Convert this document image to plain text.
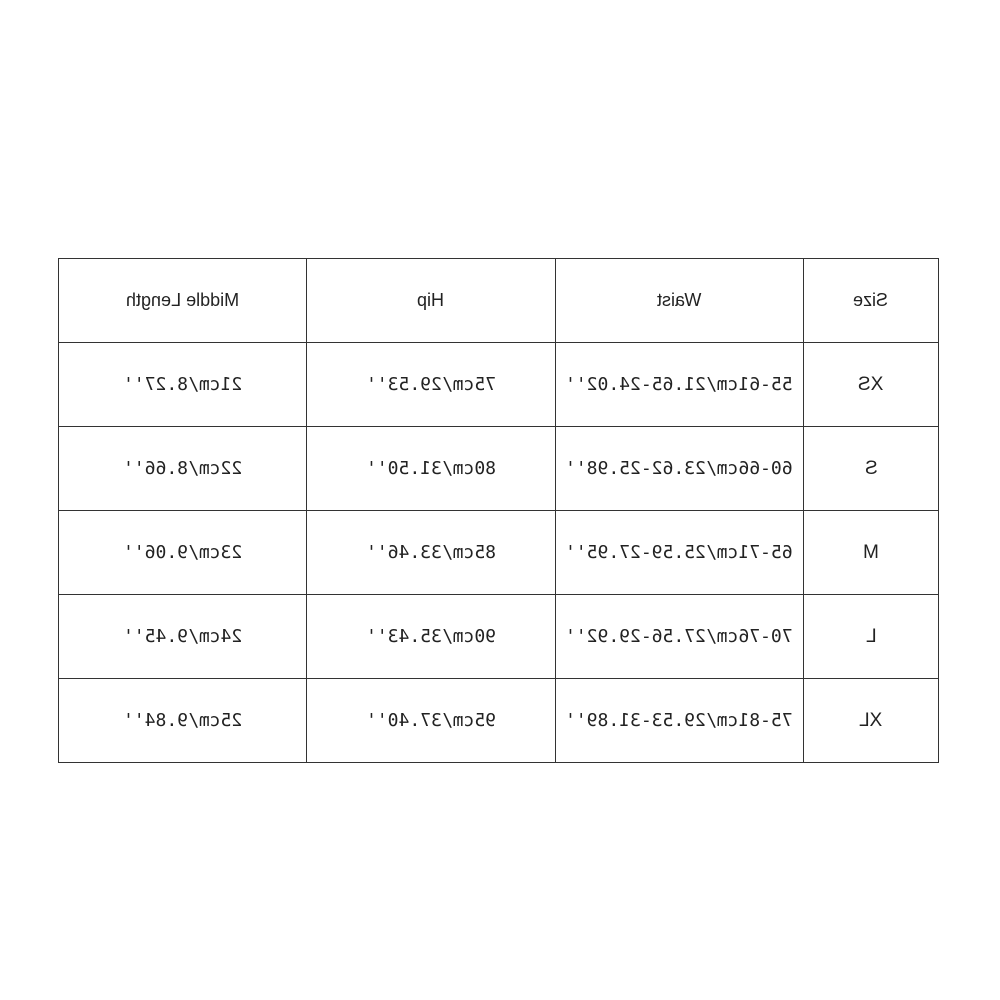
Middle Length	Hip	Waist	Size
21cm/8.27''	75cm/29.53''	55-61cm/21.65-24.02''	XS
22cm/8.66''	80cm/31.50''	60-66cm/23.62-25.98''	S
23cm/9.06''	85cm/33.46''	65-71cm/25.59-27.95''	M
24cm/9.45''	90cm/35.43''	70-76cm/27.56-29.92''	L
25cm/9.84''	95cm/37.40''	75-81cm/29.53-31.89''	XL
